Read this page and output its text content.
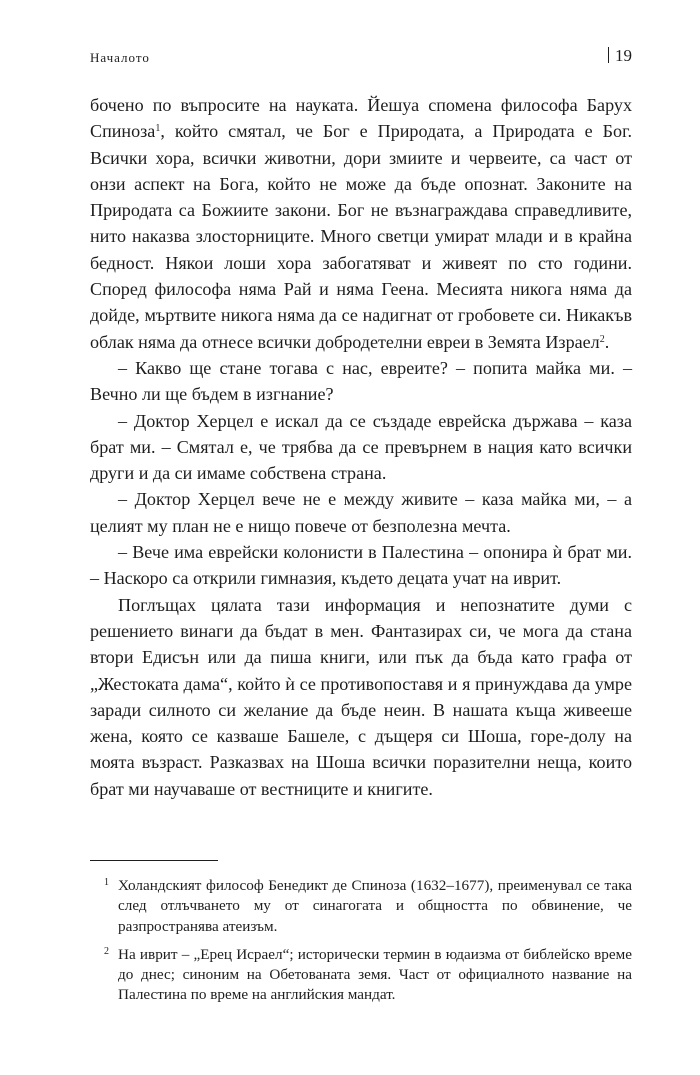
Началото	19

бочено по въпросите на науката. Йешуа спомена философа Барух Спиноза$^1$, който смятал, че Бог е Природата, а Природата е Бог. Всички хора, всички животни, дори змиите и червеите, са част от онзи аспект на Бога, който не може да бъде опознат. Законите на Природата са Божиите закони. Бог не възнаграждава справедливите, нито наказва злосторниците. Много светци умират млади и в крайна бедност. Някои лоши хора забогатяват и живеят по сто години. Според философа няма Рай и няма Геена. Месията никога няма да дойде, мъртвите никога няма да се надигнат от гробовете си. Никакъв облак няма да отнесе всички добродетелни евреи в Земята Израел$^2$.

– Какво ще стане тогава с нас, евреите? – попита майка ми. – Вечно ли ще бъдем в изгнание?

– Доктор Херцел е искал да се създаде еврейска държава – каза брат ми. – Смятал е, че трябва да се превърнем в нация като всички други и да си имаме собствена страна.

– Доктор Херцел вече не е между живите – каза майка ми, – а целият му план не е нищо повече от безполезна мечта.

– Вече има еврейски колонисти в Палестина – опонира ѝ брат ми. – Наскоро са открили гимназия, където децата учат на иврит.

Поглъщах цялата тази информация и непознатите думи с решението винаги да бъдат в мен. Фантазирах си, че мога да стана втори Едисън или да пиша книги, или пък да бъда като графа от „Жестоката дама“, който ѝ се противопоставя и я принуждава да умре заради силното си желание да бъде неин. В нашата къща живееше жена, която се казваше Башеле, с дъщеря си Шоша, горе-долу на моята възраст. Разказвах на Шоша всички поразителни неща, които брат ми научаваше от вестниците и книгите.

1 Холандският философ Бенедикт де Спиноза (1632–1677), преименувал се така след отлъчването му от синагогата и общността по обвинение, че разпространява атеизъм.
2 На иврит – „Ерец Исраел“; исторически термин в юдаизма от библейско време до днес; синоним на Обетованата земя. Част от официалното название на Палестина по време на английския мандат.
